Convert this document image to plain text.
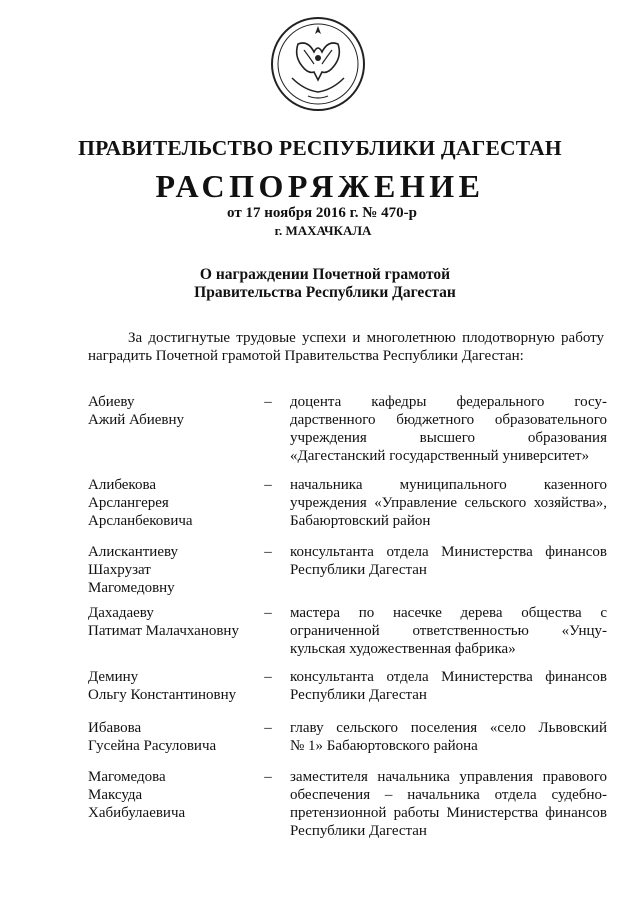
ПРАВИТЕЛЬСТВО РЕСПУБЛИКИ ДАГЕСТАН
РАСПОРЯЖЕНИЕ
от 17 ноября 2016 г. № 470-р
г. МАХАЧКАЛА
О награждении Почетной грамотой
Правительства Республики Дагестан
За достигнутые трудовые успехи и многолетнюю плодотворную работу
наградить Почетной грамотой Правительства Республики Дагестан:
Абиеву
Ажий Абиевну
– доцента кафедры федерального госу-
дарственного бюджетного образовательного
учреждения высшего образования
«Дагестанский государственный университет»
Алибекова
Арслангерея
Арсланбековича
– начальника муниципального казенного
учреждения «Управление сельского хозяйства»,
Бабаюртовский район
Алискантиеву
Шахрузат
Магомедовну
– консультанта отдела Министерства финансов
Республики Дагестан
Дахадаеву
Патимат Малачхановну
– мастера по насечке дерева общества с
ограниченной ответственностью «Унцу-
кульская художественная фабрика»
Демину
Ольгу Константиновну
– консультанта отдела Министерства финансов
Республики Дагестан
Ибавова
Гусейна Расуловича
– главу сельского поселения «село Львовский
№ 1» Бабаюртовского района
Магомедова
Максуда
Хабибулаевича
– заместителя начальника управления правового
обеспечения – начальника отдела судебно-
претензионной работы Министерства финансов
Республики Дагестан
